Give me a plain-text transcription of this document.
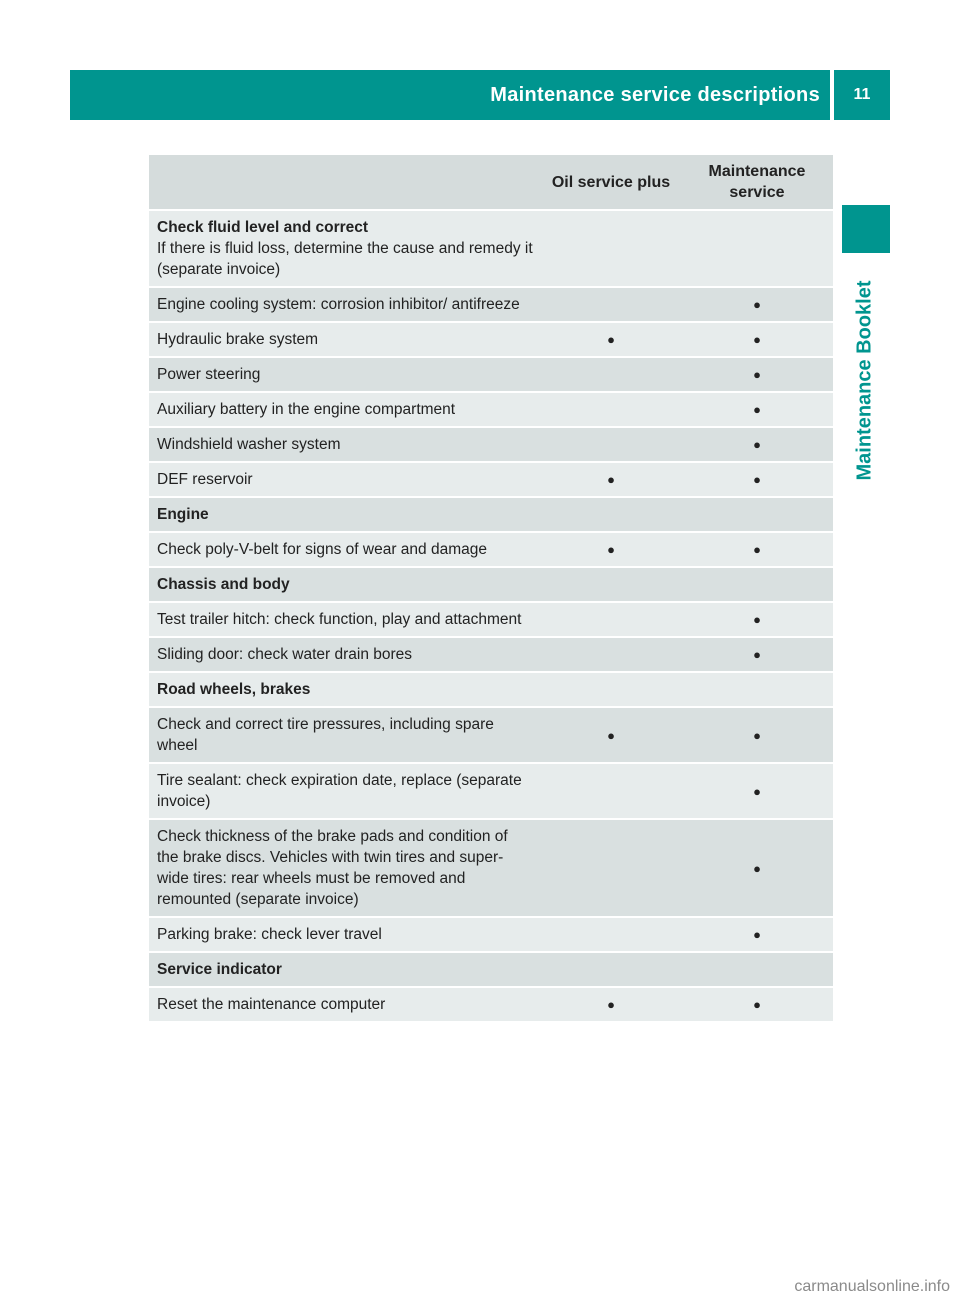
Maintenance service descriptions	11
Maintenance Booklet
	Oil service plus	Maintenance service

Check fluid level and correct
If there is fluid loss, determine the cause and remedy it (separate invoice)		

Engine cooling system: corrosion inhibitor/ antifreeze		●
Hydraulic brake system	●	●
Power steering		●
Auxiliary battery in the engine compartment		●
Windshield washer system		●
DEF reservoir	●	●
Engine		
Check poly-V-belt for signs of wear and damage	●	●
Chassis and body		
Test trailer hitch: check function, play and attachment		●
Sliding door: check water drain bores		●
Road wheels, brakes		
Check and correct tire pressures, including spare wheel	●	●
Tire sealant: check expiration date, replace (separate invoice)		●
Check thickness of the brake pads and condition of the brake discs. Vehicles with twin tires and super-wide tires: rear wheels must be removed and remounted (separate invoice)		●
Parking brake: check lever travel		●
Service indicator		
Reset the maintenance computer	●	●
carmanualsonline.info
